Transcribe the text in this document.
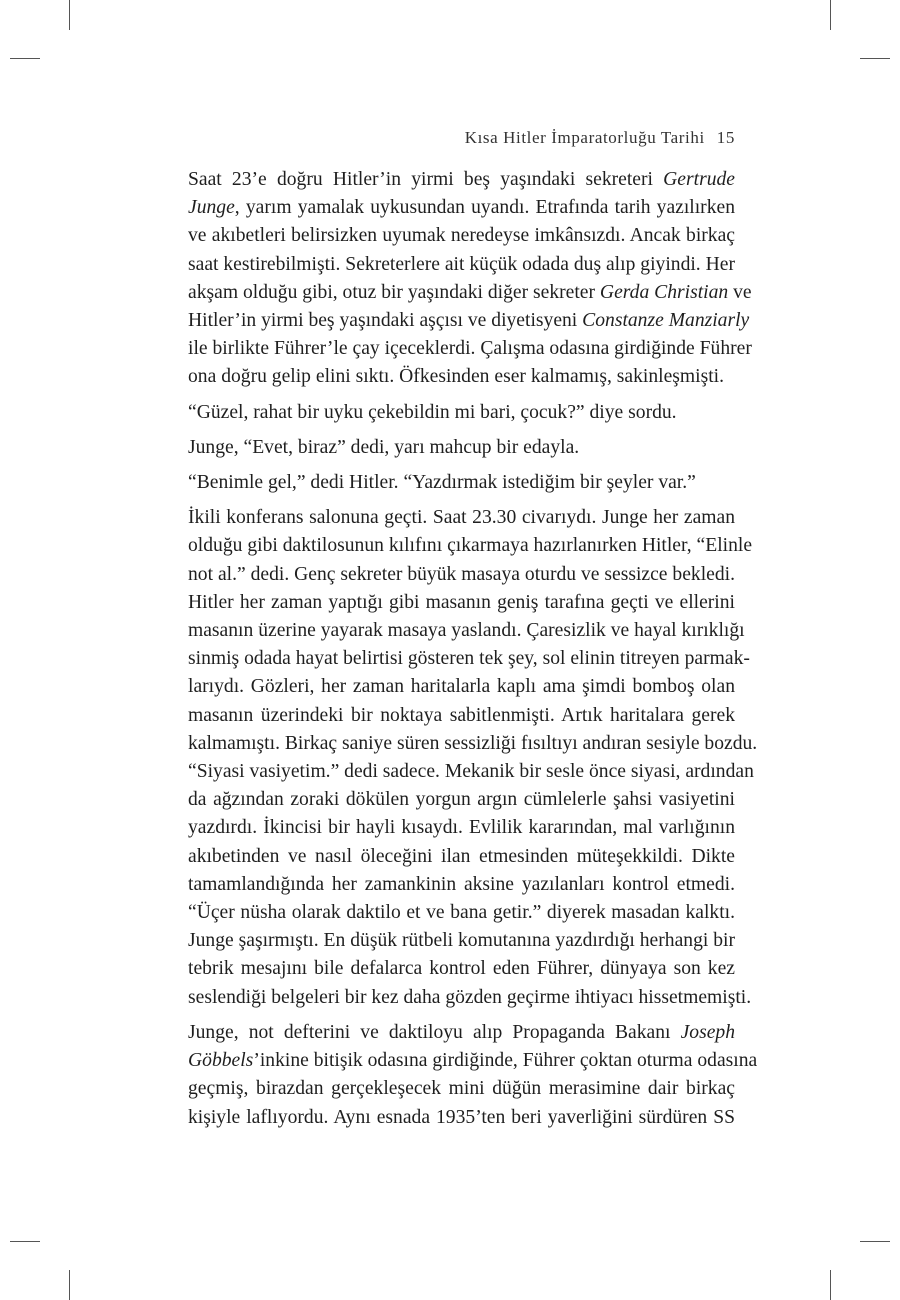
Kısa Hitler İmparatorluğu Tarihi 15

Saat 23’e doğru Hitler’in yirmi beş yaşındaki sekreteri Gertrude
Junge, yarım yamalak uykusundan uyandı. Etrafında tarih yazılırken
ve akıbetleri belirsizken uyumak neredeyse imkânsızdı. Ancak birkaç
saat kestirebilmişti. Sekreterlere ait küçük odada duş alıp giyindi. Her
akşam olduğu gibi, otuz bir yaşındaki diğer sekreter Gerda Christian ve
Hitler’in yirmi beş yaşındaki aşçısı ve diyetisyeni Constanze Manziarly
ile birlikte Führer’le çay içeceklerdi. Çalışma odasına girdiğinde Führer
ona doğru gelip elini sıktı. Öfkesinden eser kalmamış, sakinleşmişti.

“Güzel, rahat bir uyku çekebildin mi bari, çocuk?” diye sordu.

Junge, “Evet, biraz” dedi, yarı mahcup bir edayla.

“Benimle gel,” dedi Hitler. “Yazdırmak istediğim bir şeyler var.”

İkili konferans salonuna geçti. Saat 23.30 civarıydı. Junge her zaman
olduğu gibi daktilosunun kılıfını çıkarmaya hazırlanırken Hitler, “Elinle
not al.” dedi. Genç sekreter büyük masaya oturdu ve sessizce bekledi.
Hitler her zaman yaptığı gibi masanın geniş tarafına geçti ve ellerini
masanın üzerine yayarak masaya yaslandı. Çaresizlik ve hayal kırıklığı
sinmiş odada hayat belirtisi gösteren tek şey, sol elinin titreyen parmak-
larıydı. Gözleri, her zaman haritalarla kaplı ama şimdi bomboş olan
masanın üzerindeki bir noktaya sabitlenmişti. Artık haritalara gerek
kalmamıştı. Birkaç saniye süren sessizliği fısıltıyı andıran sesiyle bozdu.
“Siyasi vasiyetim.” dedi sadece. Mekanik bir sesle önce siyasi, ardından
da ağzından zoraki dökülen yorgun argın cümlelerle şahsi vasiyetini
yazdırdı. İkincisi bir hayli kısaydı. Evlilik kararından, mal varlığının
akıbetinden ve nasıl öleceğini ilan etmesinden müteşekkildi. Dikte
tamamlandığında her zamankinin aksine yazılanları kontrol etmedi.
“Üçer nüsha olarak daktilo et ve bana getir.” diyerek masadan kalktı.
Junge şaşırmıştı. En düşük rütbeli komutanına yazdırdığı herhangi bir
tebrik mesajını bile defalarca kontrol eden Führer, dünyaya son kez
seslendiği belgeleri bir kez daha gözden geçirme ihtiyacı hissetmemişti.

Junge, not defterini ve daktiloyu alıp Propaganda Bakanı Joseph
Göbbels’inkine bitişik odasına girdiğinde, Führer çoktan oturma odasına
geçmiş, birazdan gerçekleşecek mini düğün merasimine dair birkaç
kişiyle laflıyordu. Aynı esnada 1935’ten beri yaverliğini sürdüren SS
